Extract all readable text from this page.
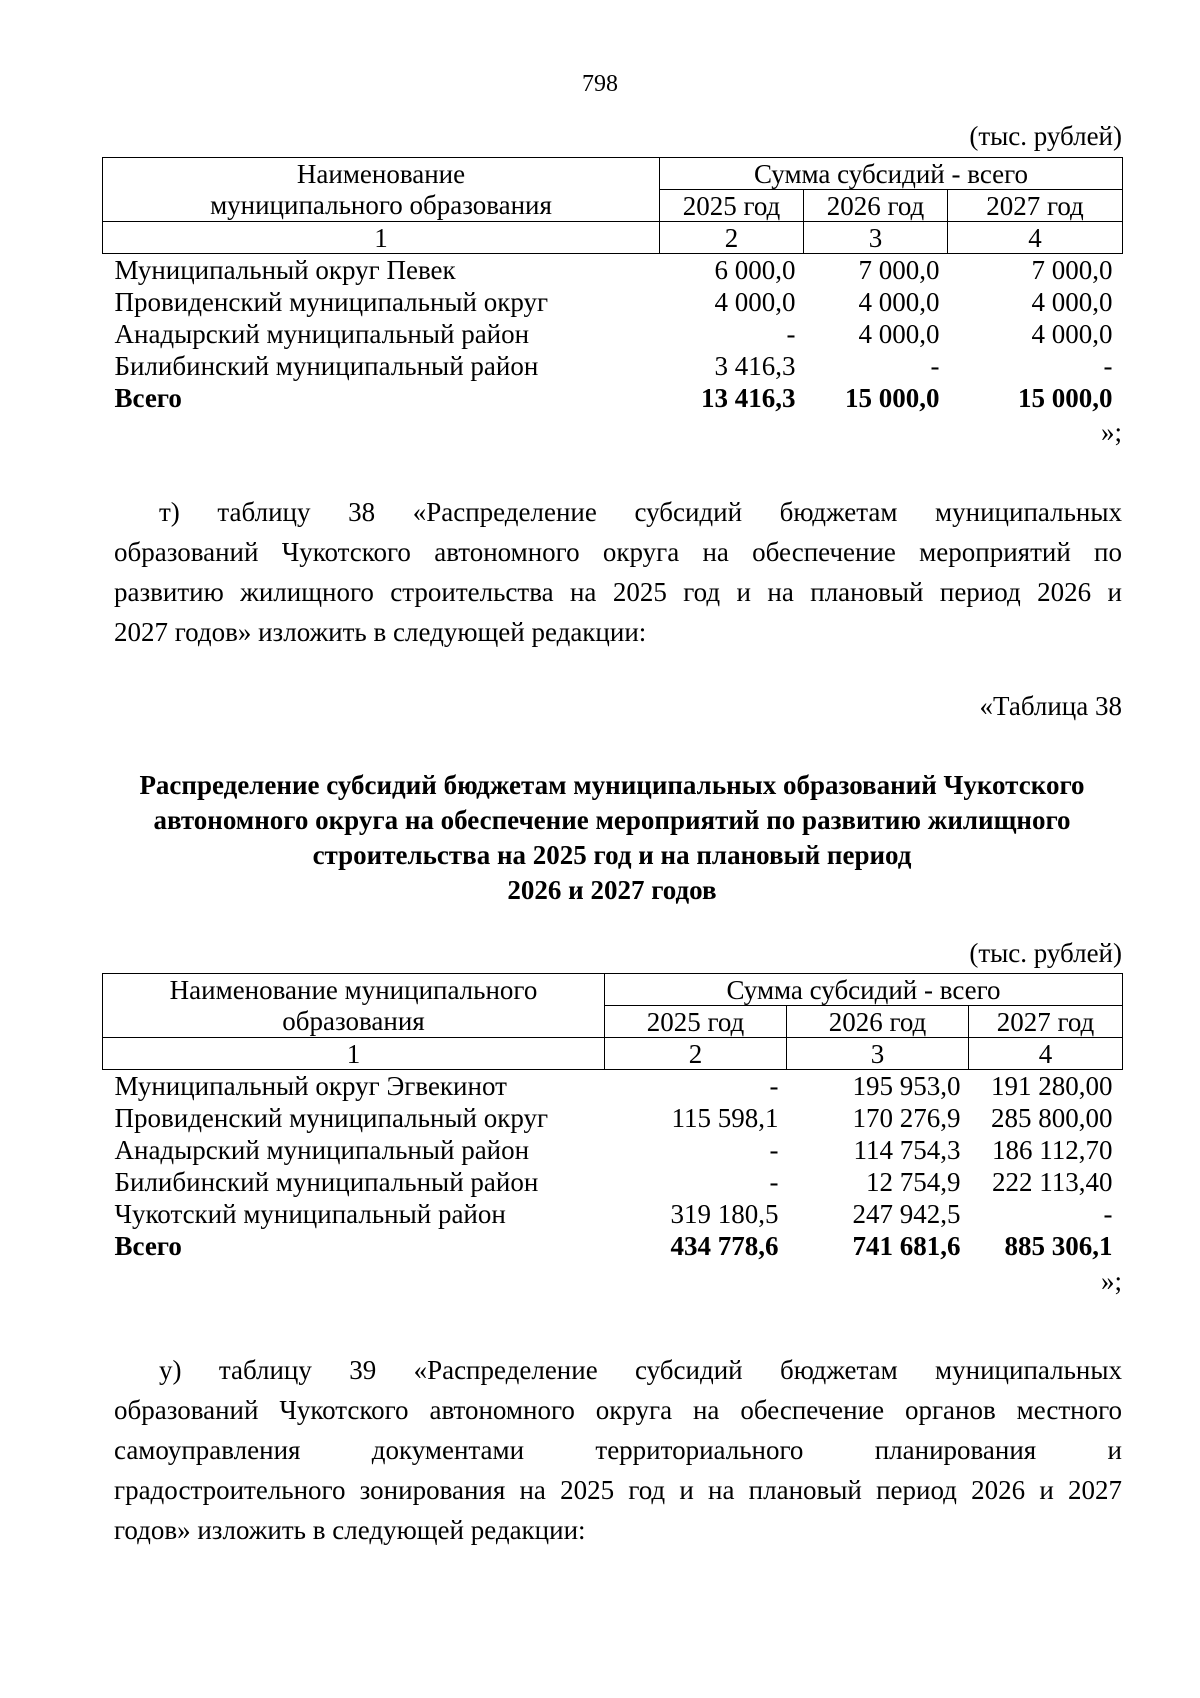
798
(тыс. рублей)
Наименование	Сумма субсидий - всего		
муниципального образования	2025 год	2026 год	2027 год
1	2	3	4
Муниципальный округ Певек	6 000,0	7 000,0	7 000,0
Провиденский муниципальный округ	4 000,0	4 000,0	4 000,0
Анадырский муниципальный район	-	4 000,0	4 000,0
Билибинский муниципальный район	3 416,3	-	-
Всего	13 416,3	15 000,0	15 000,0
»;
т) таблицу 38 «Распределение субсидий бюджетам муниципальных
образований Чукотского автономного округа на обеспечение мероприятий по
развитию жилищного строительства на 2025 год и на плановый период 2026 и
2027 годов» изложить в следующей редакции:
«Таблица 38
Распределение субсидий бюджетам муниципальных образований Чукотского
автономного округа на обеспечение мероприятий по развитию жилищного
строительства на 2025 год и на плановый период
2026 и 2027 годов
(тыс. рублей)
Наименование муниципального	Сумма субсидий - всего		
образования	2025 год	2026 год	2027 год
1	2	3	4
Муниципальный округ Эгвекинот	-	195 953,0	191 280,00
Провиденский муниципальный округ	115 598,1	170 276,9	285 800,00
Анадырский муниципальный район	-	114 754,3	186 112,70
Билибинский муниципальный район	-	12 754,9	222 113,40
Чукотский муниципальный район	319 180,5	247 942,5	-
Всего	434 778,6	741 681,6	885 306,1
»;
у) таблицу 39 «Распределение субсидий бюджетам муниципальных
образований Чукотского автономного округа на обеспечение органов местного
самоуправления документами территориального планирования и
градостроительного зонирования на 2025 год и на плановый период 2026 и 2027
годов» изложить в следующей редакции:
